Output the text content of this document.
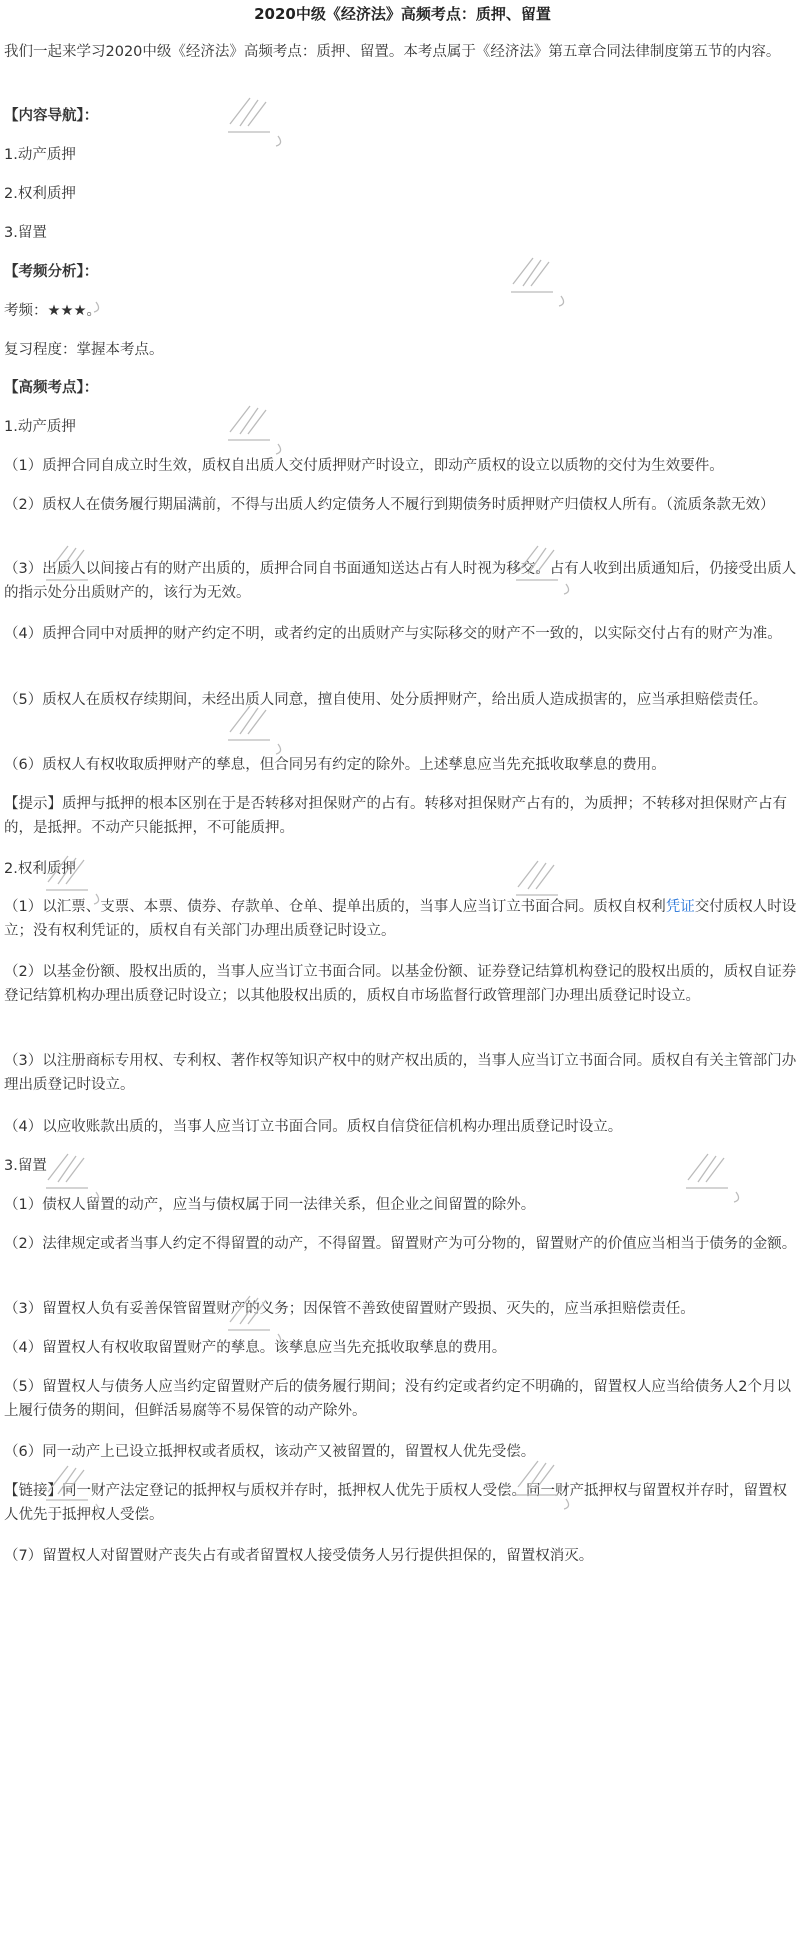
2020中级《经济法》高频考点：质押、留置
我们一起来学习2020中级《经济法》高频考点：质押、留置。本考点属于《经济法》第五章合同法律制度第五节的内容。
【内容导航】：
1.动产质押
2.权利质押
3.留置
【考频分析】：
考频：★★★。
复习程度：掌握本考点。
【高频考点】：
1.动产质押
（1）质押合同自成立时生效，质权自出质人交付质押财产时设立，即动产质权的设立以质物的交付为生效要件。
（2）质权人在债务履行期届满前，不得与出质人约定债务人不履行到期债务时质押财产归债权人所有。（流质条款无效）
（3）出质人以间接占有的财产出质的，质押合同自书面通知送达占有人时视为移交。占有人收到出质通知后，仍接受出质人的指示处分出质财产的，该行为无效。
（4）质押合同中对质押的财产约定不明，或者约定的出质财产与实际移交的财产不一致的，以实际交付占有的财产为准。
（5）质权人在质权存续期间，未经出质人同意，擅自使用、处分质押财产，给出质人造成损害的，应当承担赔偿责任。
（6）质权人有权收取质押财产的孳息，但合同另有约定的除外。上述孳息应当先充抵收取孳息的费用。
【提示】质押与抵押的根本区别在于是否转移对担保财产的占有。转移对担保财产占有的，为质押；不转移对担保财产占有的，是抵押。不动产只能抵押，不可能质押。
2.权利质押
（1）以汇票、支票、本票、债券、存款单、仓单、提单出质的，当事人应当订立书面合同。质权自权利凭证交付质权人时设立；没有权利凭证的，质权自有关部门办理出质登记时设立。
（2）以基金份额、股权出质的，当事人应当订立书面合同。以基金份额、证券登记结算机构登记的股权出质的，质权自证券登记结算机构办理出质登记时设立；以其他股权出质的，质权自市场监督行政管理部门办理出质登记时设立。
（3）以注册商标专用权、专利权、著作权等知识产权中的财产权出质的，当事人应当订立书面合同。质权自有关主管部门办理出质登记时设立。
（4）以应收账款出质的，当事人应当订立书面合同。质权自信贷征信机构办理出质登记时设立。
3.留置
（1）债权人留置的动产，应当与债权属于同一法律关系，但企业之间留置的除外。
（2）法律规定或者当事人约定不得留置的动产，不得留置。留置财产为可分物的，留置财产的价值应当相当于债务的金额。
（3）留置权人负有妥善保管留置财产的义务；因保管不善致使留置财产毁损、灭失的，应当承担赔偿责任。
（4）留置权人有权收取留置财产的孳息。该孳息应当先充抵收取孳息的费用。
（5）留置权人与债务人应当约定留置财产后的债务履行期间；没有约定或者约定不明确的，留置权人应当给债务人2个月以上履行债务的期间，但鲜活易腐等不易保管的动产除外。
（6）同一动产上已设立抵押权或者质权，该动产又被留置的，留置权人优先受偿。
【链接】同一财产法定登记的抵押权与质权并存时，抵押权人优先于质权人受偿。同一财产抵押权与留置权并存时，留置权人优先于抵押权人受偿。
（7）留置权人对留置财产丧失占有或者留置权人接受债务人另行提供担保的，留置权消灭。
